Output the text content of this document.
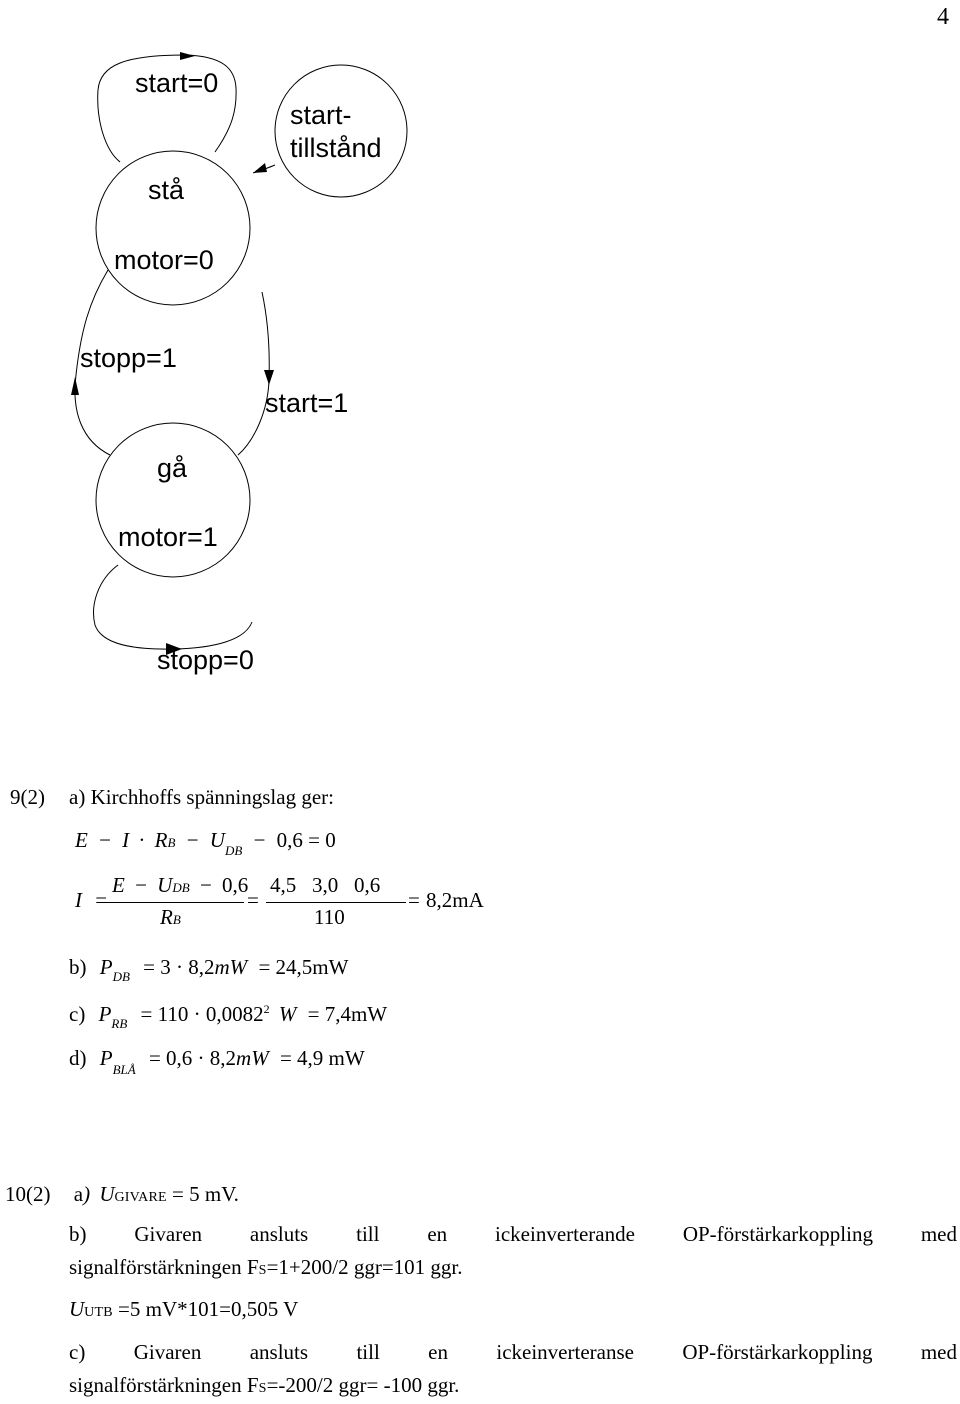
4
start=0
start-
tillstånd
stå
motor=0
stopp=1
start=1
gå
motor=1
stopp=0
9(2) a) Kirchhoffs spänningslag ger:
E − I · RB − $U_{DB} - 0,6 = 0$
I =
E − UDB − 0,6
RB
=
4,5   3,0   0,6
110
= 8,2mA
b) $P_{DB} = 3 \cdot 8,2mW = 24,5mW$
c) $P_{RB} = 110 \cdot 0,0082^2$ W = 7,4mW
d) $P_{BLÅ} = 0,6 \cdot 8,2mW = 4,9$ mW
10(2) a) UGIVARE = 5 mV.
b) Givaren ansluts till en ickeinverterande OP-förstärkarkoppling med
signalförstärkningen FS=1+200/2 ggr=101 ggr.
UUTB =5 mV*101=0,505 V
c) Givaren ansluts till en ickeinverteranse OP-förstärkarkoppling med
signalförstärkningen FS=-200/2 ggr= -100 ggr.
